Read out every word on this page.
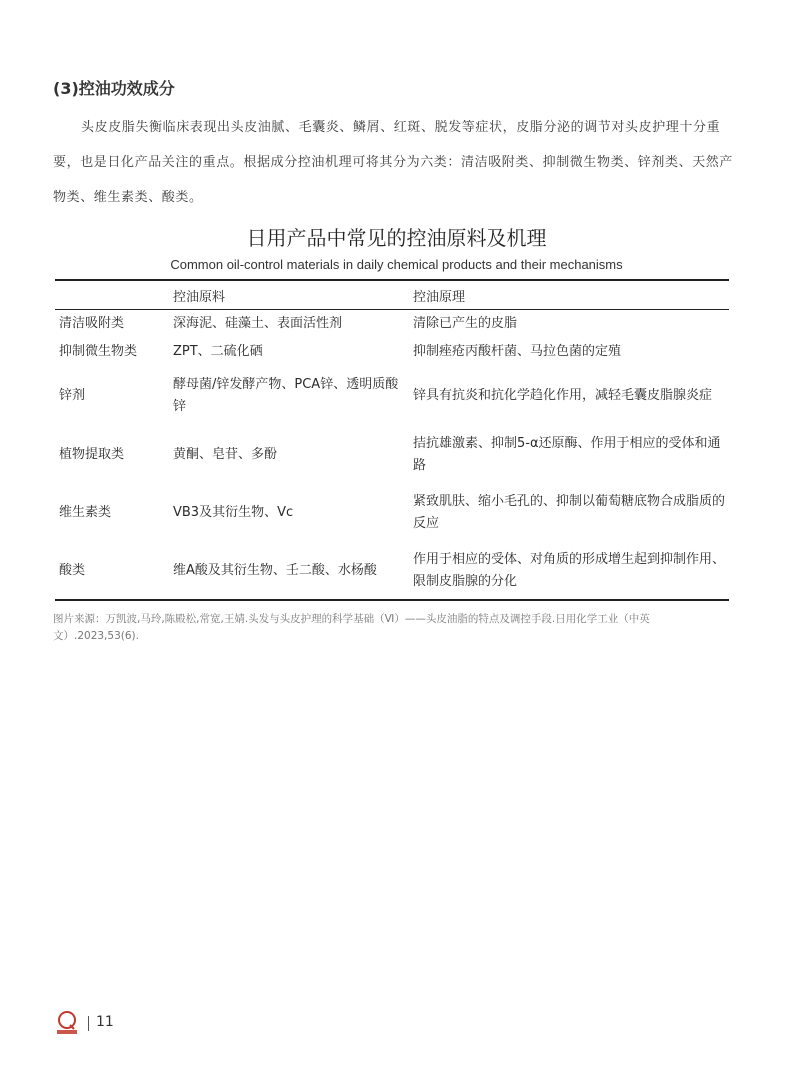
(3)控油功效成分

头皮皮脂失衡临床表现出头皮油腻、毛囊炎、鳞屑、红斑、脱发等症状，皮脂分泌的调节对头皮护理十分重要，也是日化产品关注的重点。根据成分控油机理可将其分为六类：清洁吸附类、抑制微生物类、锌剂类、天然产物类、维生素类、酸类。

日用产品中常见的控油原料及机理
Common oil-control materials in daily chemical products and their mechanisms
	控油原料	控油原理
清洁吸附类	深海泥、硅藻土、表面活性剂	清除已产生的皮脂
抑制微生物类	ZPT、二硫化硒	抑制痤疮丙酸杆菌、马拉色菌的定殖
锌剂	酵母菌/锌发酵产物、PCA锌、透明质酸锌	锌具有抗炎和抗化学趋化作用，减轻毛囊皮脂腺炎症
植物提取类	黄酮、皂苷、多酚	拮抗雄激素、抑制5-α还原酶、作用于相应的受体和通路
维生素类	VB3及其衍生物、Vc	紧致肌肤、缩小毛孔的、抑制以葡萄糖底物合成脂质的反应
酸类	维A酸及其衍生物、壬二酸、水杨酸	作用于相应的受体、对角质的形成增生起到抑制作用、限制皮脂腺的分化
图片来源：万凯波,马玲,陈殿松,常宽,王婧.头发与头皮护理的科学基础（Ⅵ）——头皮油脂的特点及调控手段.日用化学工业（中英文）.2023,53(6).
11
